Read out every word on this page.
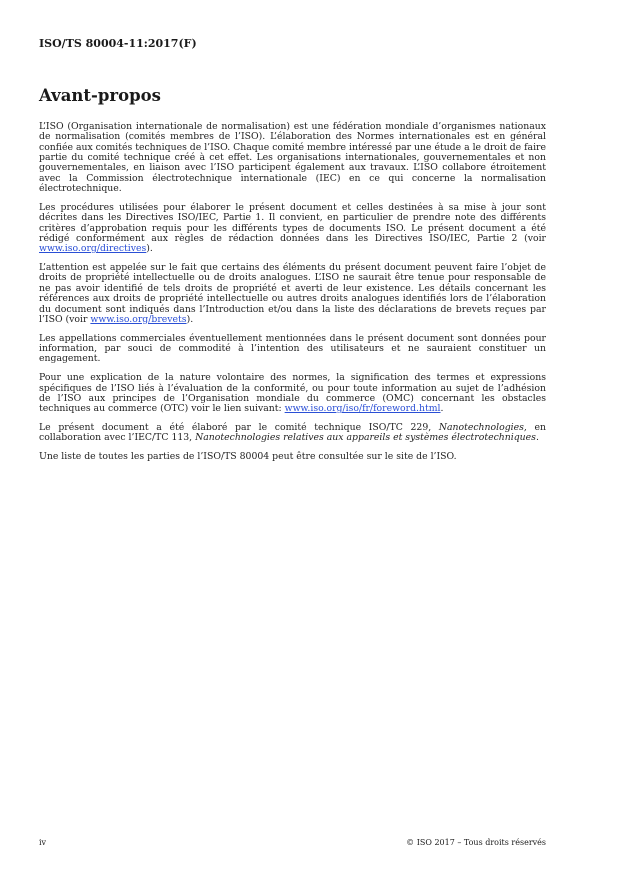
ISO/TS 80004-11:2017(F)
Avant-propos

L’ISO (Organisation internationale de normalisation) est une fédération mondiale d’organismes nationaux de normalisation (comités membres de l’ISO). L’élaboration des Normes internationales est en général confiée aux comités techniques de l’ISO. Chaque comité membre intéressé par une étude a le droit de faire partie du comité technique créé à cet effet. Les organisations internationales, gouvernementales et non gouvernementales, en liaison avec l’ISO participent également aux travaux. L’ISO collabore étroitement avec la Commission électrotechnique internationale (IEC) en ce qui concerne la normalisation électrotechnique.

Les procédures utilisées pour élaborer le présent document et celles destinées à sa mise à jour sont décrites dans les Directives ISO/IEC, Partie 1. Il convient, en particulier de prendre note des différents critères d’approbation requis pour les différents types de documents ISO. Le présent document a été rédigé conformément aux règles de rédaction données dans les Directives ISO/IEC, Partie 2 (voir www.iso.org/directives).

L’attention est appelée sur le fait que certains des éléments du présent document peuvent faire l’objet de droits de propriété intellectuelle ou de droits analogues. L’ISO ne saurait être tenue pour responsable de ne pas avoir identifié de tels droits de propriété et averti de leur existence. Les détails concernant les références aux droits de propriété intellectuelle ou autres droits analogues identifiés lors de l’élaboration du document sont indiqués dans l’Introduction et/ou dans la liste des déclarations de brevets reçues par l’ISO (voir www.iso.org/brevets).

Les appellations commerciales éventuellement mentionnées dans le présent document sont données pour information, par souci de commodité à l’intention des utilisateurs et ne sauraient constituer un engagement.

Pour une explication de la nature volontaire des normes, la signification des termes et expressions spécifiques de l’ISO liés à l’évaluation de la conformité, ou pour toute information au sujet de l’adhésion de l’ISO aux principes de l’Organisation mondiale du commerce (OMC) concernant les obstacles techniques au commerce (OTC) voir le lien suivant: www.iso.org/iso/fr/foreword.html.

Le présent document a été élaboré par le comité technique ISO/TC 229, Nanotechnologies, en collaboration avec l’IEC/TC 113, Nanotechnologies relatives aux appareils et systèmes électrotechniques.

Une liste de toutes les parties de l’ISO/TS 80004 peut être consultée sur le site de l’ISO.

iv	© ISO 2017 – Tous droits réservés
